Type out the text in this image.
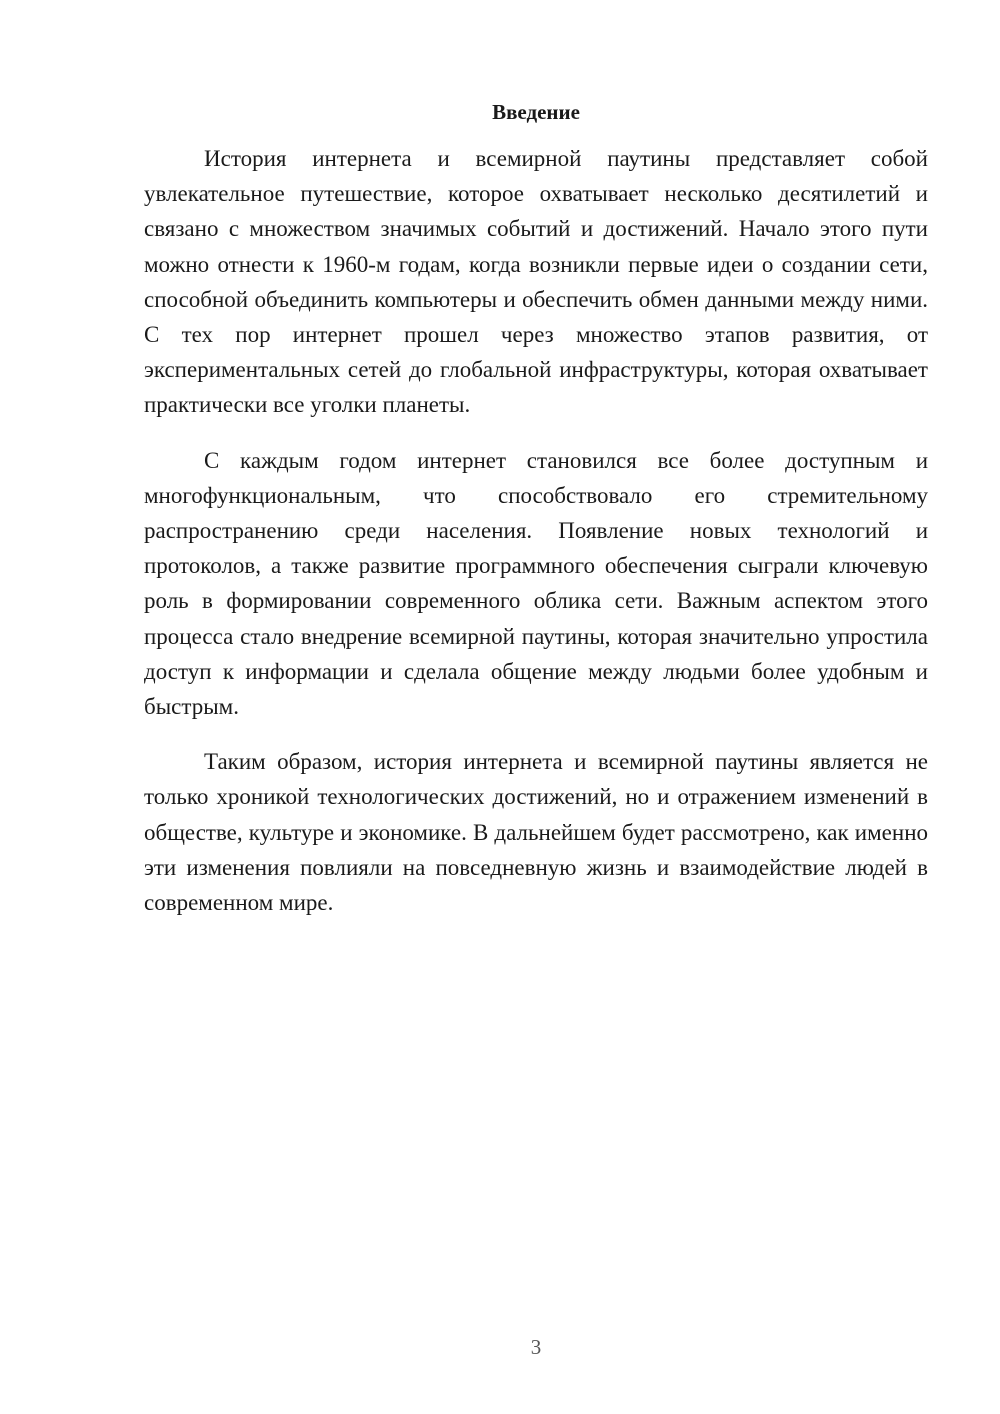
Введение

История интернета и всемирной паутины представляет собой увлекательное путешествие, которое охватывает несколько десятилетий и связано с множеством значимых событий и достижений. Начало этого пути можно отнести к 1960-м годам, когда возникли первые идеи о создании сети, способной объединить компьютеры и обеспечить обмен данными между ними. С тех пор интернет прошел через множество этапов развития, от экспериментальных сетей до глобальной инфраструктуры, которая охватывает практически все уголки планеты.

С каждым годом интернет становился все более доступным и многофункциональным, что способствовало его стремительному распространению среди населения. Появление новых технологий и протоколов, а также развитие программного обеспечения сыграли ключевую роль в формировании современного облика сети. Важным аспектом этого процесса стало внедрение всемирной паутины, которая значительно упростила доступ к информации и сделала общение между людьми более удобным и быстрым.

Таким образом, история интернета и всемирной паутины является не только хроникой технологических достижений, но и отражением изменений в обществе, культуре и экономике. В дальнейшем будет рассмотрено, как именно эти изменения повлияли на повседневную жизнь и взаимодействие людей в современном мире.

3
